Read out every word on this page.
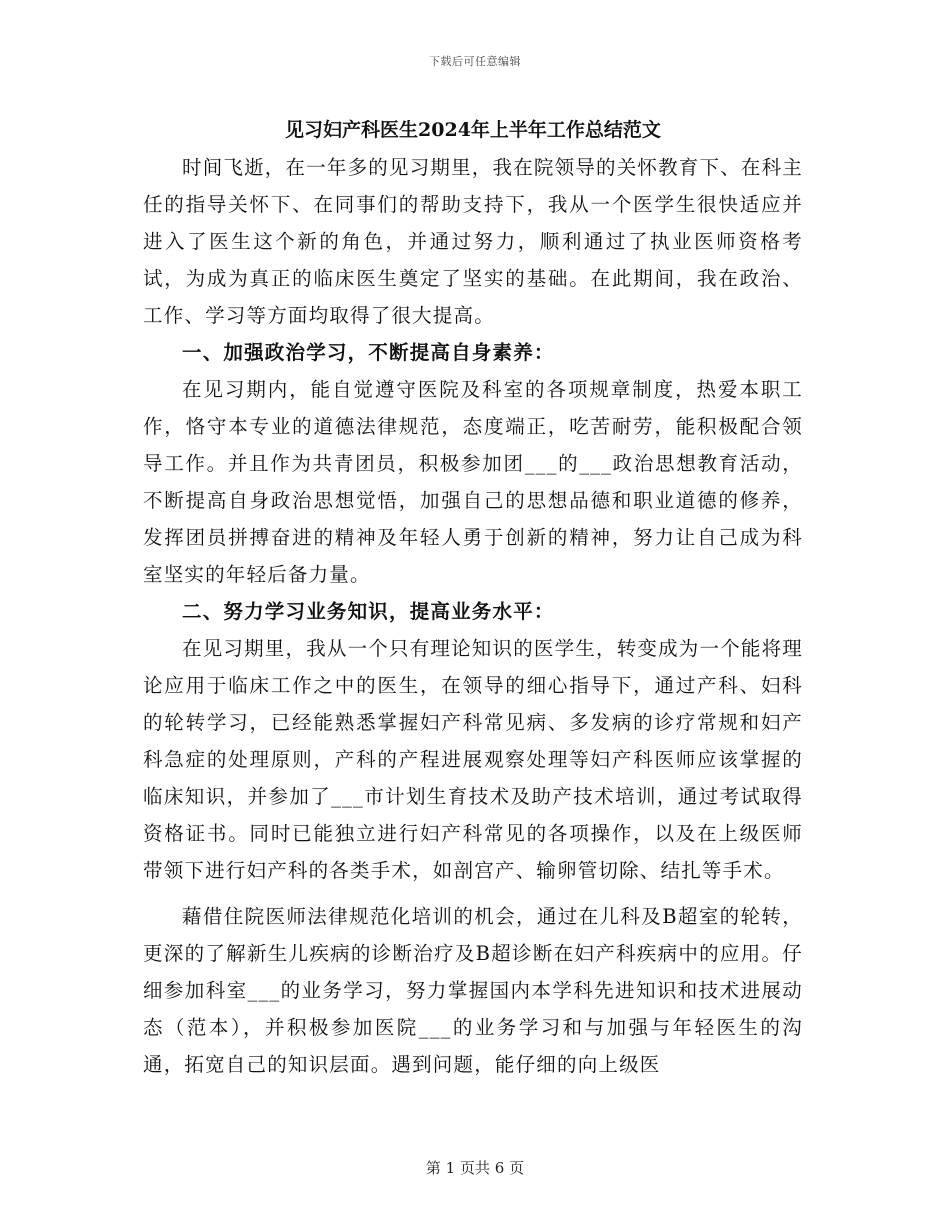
下载后可任意编辑

见习妇产科医生2024年上半年工作总结范文

时间飞逝，在一年多的见习期里，我在院领导的关怀教育下、在科主任的指导关怀下、在同事们的帮助支持下，我从一个医学生很快适应并进入了医生这个新的角色，并通过努力，顺利通过了执业医师资格考试，为成为真正的临床医生奠定了坚实的基础。在此期间，我在政治、工作、学习等方面均取得了很大提高。

一、加强政治学习，不断提高自身素养：

在见习期内，能自觉遵守医院及科室的各项规章制度，热爱本职工作，恪守本专业的道德法律规范，态度端正，吃苦耐劳，能积极配合领导工作。并且作为共青团员，积极参加团___的___政治思想教育活动，不断提高自身政治思想觉悟，加强自己的思想品德和职业道德的修养，发挥团员拼搏奋进的精神及年轻人勇于创新的精神，努力让自己成为科室坚实的年轻后备力量。

二、努力学习业务知识，提高业务水平：

在见习期里，我从一个只有理论知识的医学生，转变成为一个能将理论应用于临床工作之中的医生，在领导的细心指导下，通过产科、妇科的轮转学习，已经能熟悉掌握妇产科常见病、多发病的诊疗常规和妇产科急症的处理原则，产科的产程进展观察处理等妇产科医师应该掌握的临床知识，并参加了___市计划生育技术及助产技术培训，通过考试取得资格证书。同时已能独立进行妇产科常见的各项操作，以及在上级医师带领下进行妇产科的各类手术，如剖宫产、输卵管切除、结扎等手术。

藉借住院医师法律规范化培训的机会，通过在儿科及B超室的轮转，更深的了解新生儿疾病的诊断治疗及B超诊断在妇产科疾病中的应用。仔细参加科室___的业务学习，努力掌握国内本学科先进知识和技术进展动态（范本），并积极参加医院___的业务学习和与加强与年轻医生的沟通，拓宽自己的知识层面。遇到问题，能仔细的向上级医

第 1 页共 6 页
